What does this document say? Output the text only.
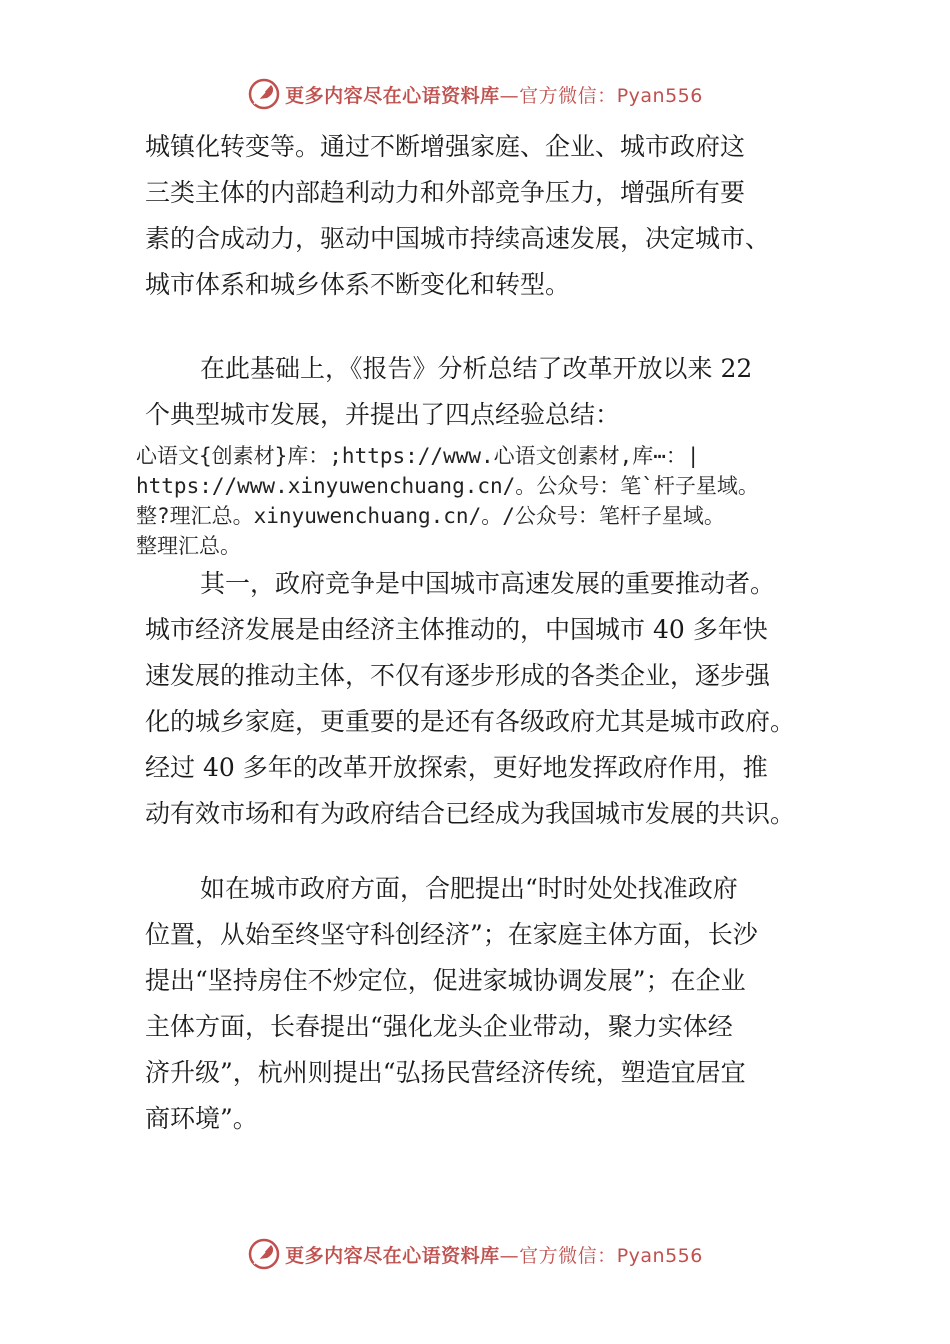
更多内容尽在心语资料库—官方微信：Pyan556
城镇化转变等。通过不断增强家庭、企业、城市政府这
三类主体的内部趋利动力和外部竞争压力，增强所有要
素的合成动力，驱动中国城市持续高速发展，决定城市、
城市体系和城乡体系不断变化和转型。
在此基础上，《报告》分析总结了改革开放以来 22
个典型城市发展，并提出了四点经验总结：
心语文{创素材}库：;https://www.心语文创素材,库⋯：|
https://www.xinyuwenchuang.cn/。公众号：笔`杆子星域。
整?理汇总。xinyuwenchuang.cn/。/公众号：笔杆子星域。
整理汇总。
其一，政府竞争是中国城市高速发展的重要推动者。
城市经济发展是由经济主体推动的，中国城市 40 多年快
速发展的推动主体，不仅有逐步形成的各类企业，逐步强
化的城乡家庭，更重要的是还有各级政府尤其是城市政府。
经过 40 多年的改革开放探索，更好地发挥政府作用，推
动有效市场和有为政府结合已经成为我国城市发展的共识。
如在城市政府方面，合肥提出“时时处处找准政府
位置，从始至终坚守科创经济”；在家庭主体方面，长沙
提出“坚持房住不炒定位，促进家城协调发展”；在企业
主体方面，长春提出“强化龙头企业带动，聚力实体经
济升级”，杭州则提出“弘扬民营经济传统，塑造宜居宜
商环境”。
更多内容尽在心语资料库—官方微信：Pyan556
